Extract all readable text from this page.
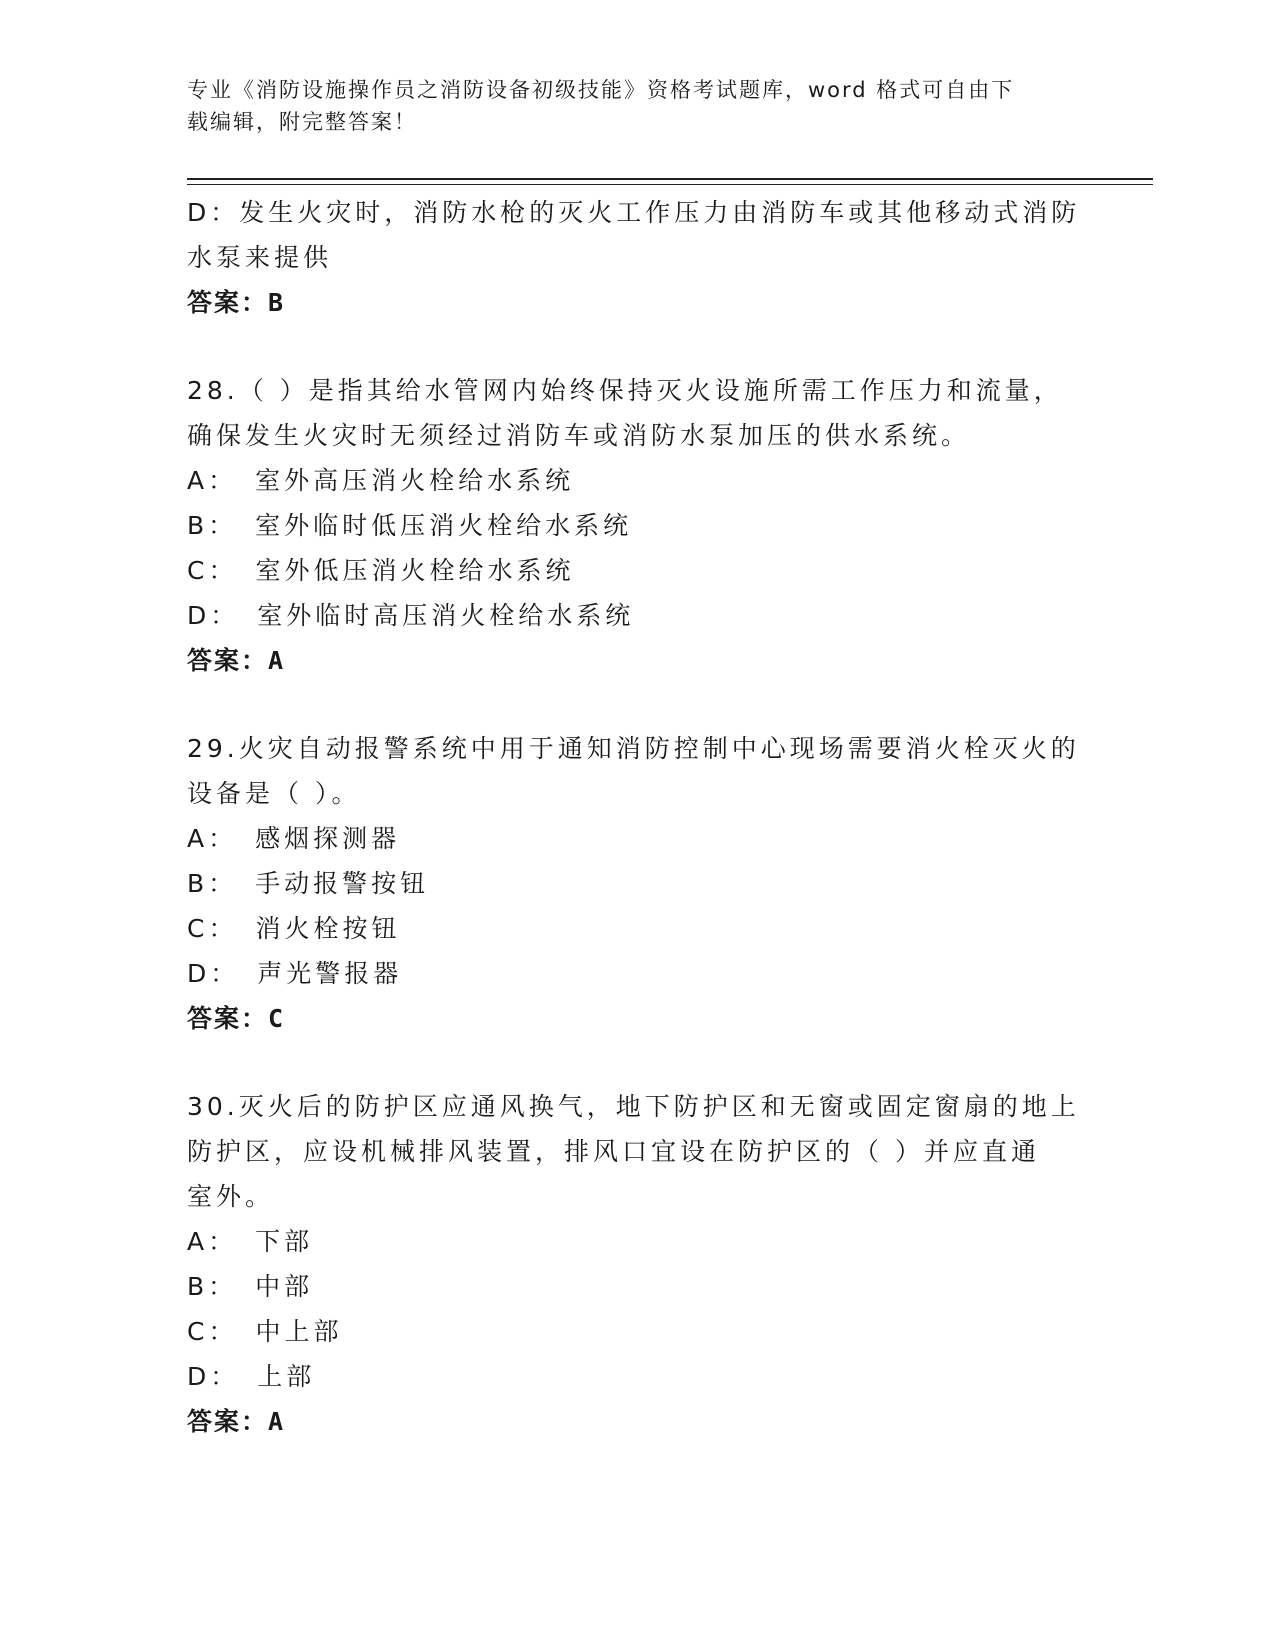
专业《消防设施操作员之消防设备初级技能》资格考试题库，word 格式可自由下
载编辑，附完整答案！
D：发生火灾时，消防水枪的灭火工作压力由消防车或其他移动式消防
水泵来提供
答案：B
28.（ ）是指其给水管网内始终保持灭火设施所需工作压力和流量，
确保发生火灾时无须经过消防车或消防水泵加压的供水系统。
A： 室外高压消火栓给水系统
B： 室外临时低压消火栓给水系统
C： 室外低压消火栓给水系统
D： 室外临时高压消火栓给水系统
答案：A
29.火灾自动报警系统中用于通知消防控制中心现场需要消火栓灭火的
设备是（ ）。
A： 感烟探测器
B： 手动报警按钮
C： 消火栓按钮
D： 声光警报器
答案：C
30.灭火后的防护区应通风换气，地下防护区和无窗或固定窗扇的地上
防护区，应设机械排风装置，排风口宜设在防护区的（ ）并应直通
室外。
A： 下部
B： 中部
C： 中上部
D： 上部
答案：A
